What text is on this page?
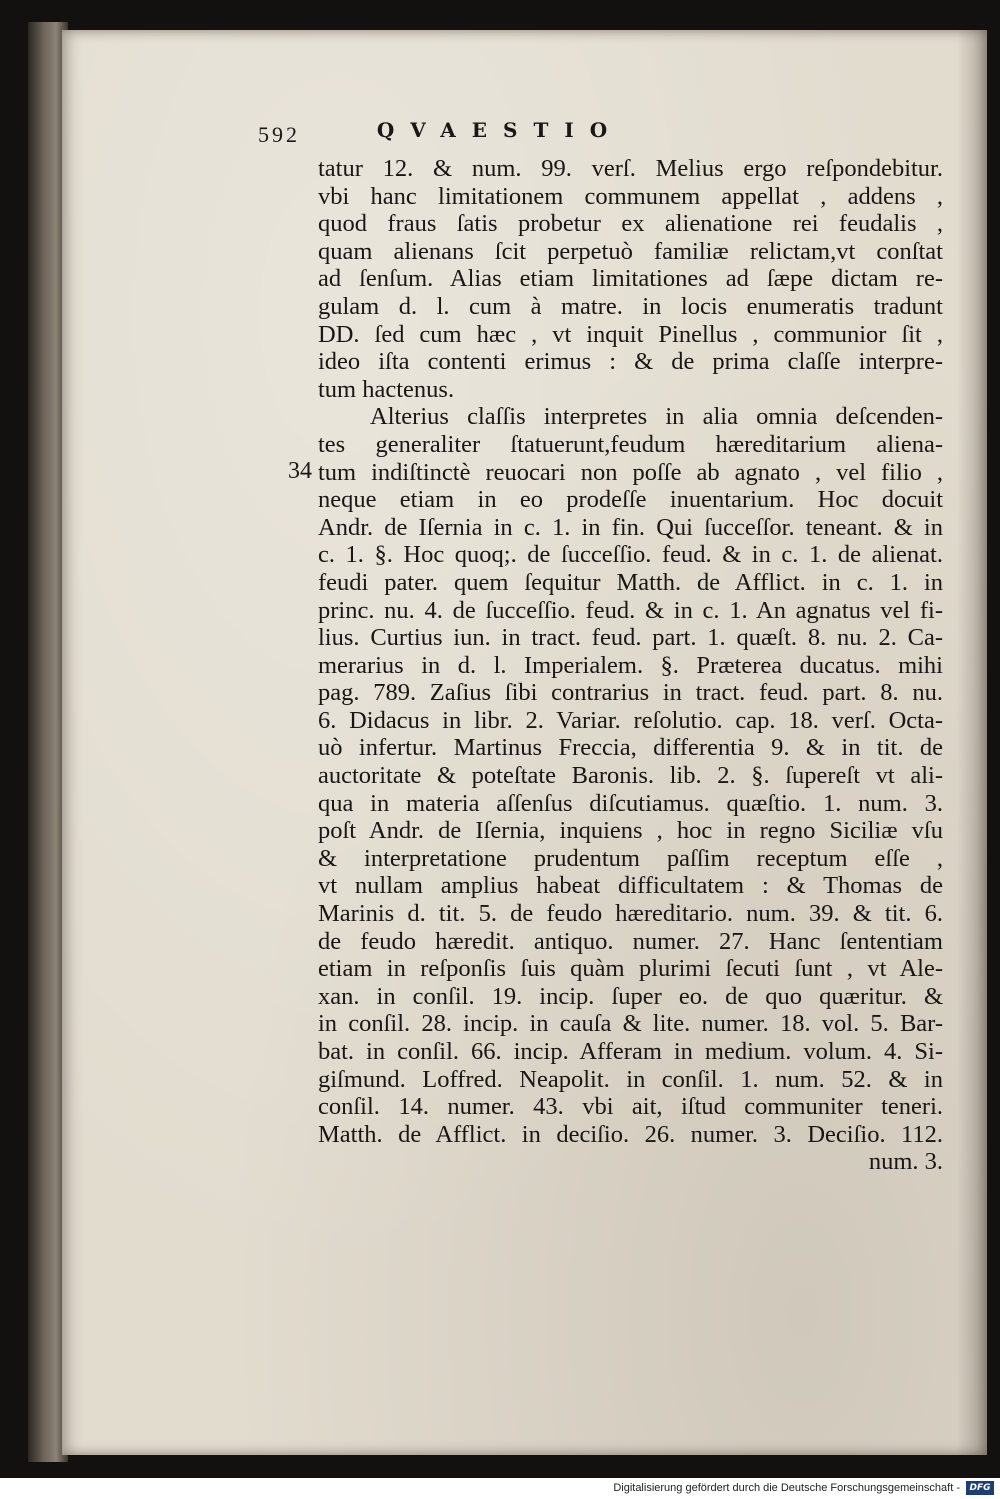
592	QVAESTIO
34
tatur 12. & num. 99. verſ. Melius ergo reſpondebitur.
vbi hanc limitationem communem appellat , addens ,
quod fraus ſatis probetur ex alienatione rei feudalis ,
quam alienans ſcit perpetuò familiæ relictam,vt conſtat
ad ſenſum. Alias etiam limitationes ad ſæpe dictam re-
gulam d. l. cum à matre. in locis enumeratis tradunt
DD. ſed cum hæc , vt inquit Pinellus , communior ſit ,
ideo iſta contenti erimus : & de prima claſſe interpre-
tum hactenus.
Alterius claſſis interpretes in alia omnia deſcenden-
tes generaliter ſtatuerunt,feudum hæreditarium aliena-
tum indiſtinctè reuocari non poſſe ab agnato , vel filio ,
neque etiam in eo prodeſſe inuentarium. Hoc docuit
Andr. de Iſernia in c. 1. in fin. Qui ſucceſſor. teneant. & in
c. 1. §. Hoc quoq;. de ſucceſſio. feud. & in c. 1. de alienat.
feudi pater. quem ſequitur Matth. de Afflict. in c. 1. in
princ. nu. 4. de ſucceſſio. feud. & in c. 1. An agnatus vel fi-
lius. Curtius iun. in tract. feud. part. 1. quæſt. 8. nu. 2. Ca-
merarius in d. l. Imperialem. §. Præterea ducatus. mihi
pag. 789. Zaſius ſibi contrarius in tract. feud. part. 8. nu.
6. Didacus in libr. 2. Variar. reſolutio. cap. 18. verſ. Octa-
uò infertur. Martinus Freccia, differentia 9. & in tit. de
auctoritate & poteſtate Baronis. lib. 2. §. ſupereſt vt ali-
qua in materia aſſenſus diſcutiamus. quæſtio. 1. num. 3.
poſt Andr. de Iſernia, inquiens , hoc in regno Siciliæ vſu
& interpretatione prudentum paſſim receptum eſſe ,
vt nullam amplius habeat difficultatem : & Thomas de
Marinis d. tit. 5. de feudo hæreditario. num. 39. & tit. 6.
de feudo hæredit. antiquo. numer. 27. Hanc ſententiam
etiam in reſponſis ſuis quàm plurimi ſecuti ſunt , vt Ale-
xan. in conſil. 19. incip. ſuper eo. de quo quæritur. &
in conſil. 28. incip. in cauſa & lite. numer. 18. vol. 5. Bar-
bat. in conſil. 66. incip. Afferam in medium. volum. 4. Si-
giſmund. Loffred. Neapolit. in conſil. 1. num. 52. & in
conſil. 14. numer. 43. vbi ait, iſtud communiter teneri.
Matth. de Afflict. in deciſio. 26. numer. 3. Deciſio. 112.
num. 3.
Digitalisierung gefördert durch die Deutsche Forschungsgemeinschaft -	DFG
